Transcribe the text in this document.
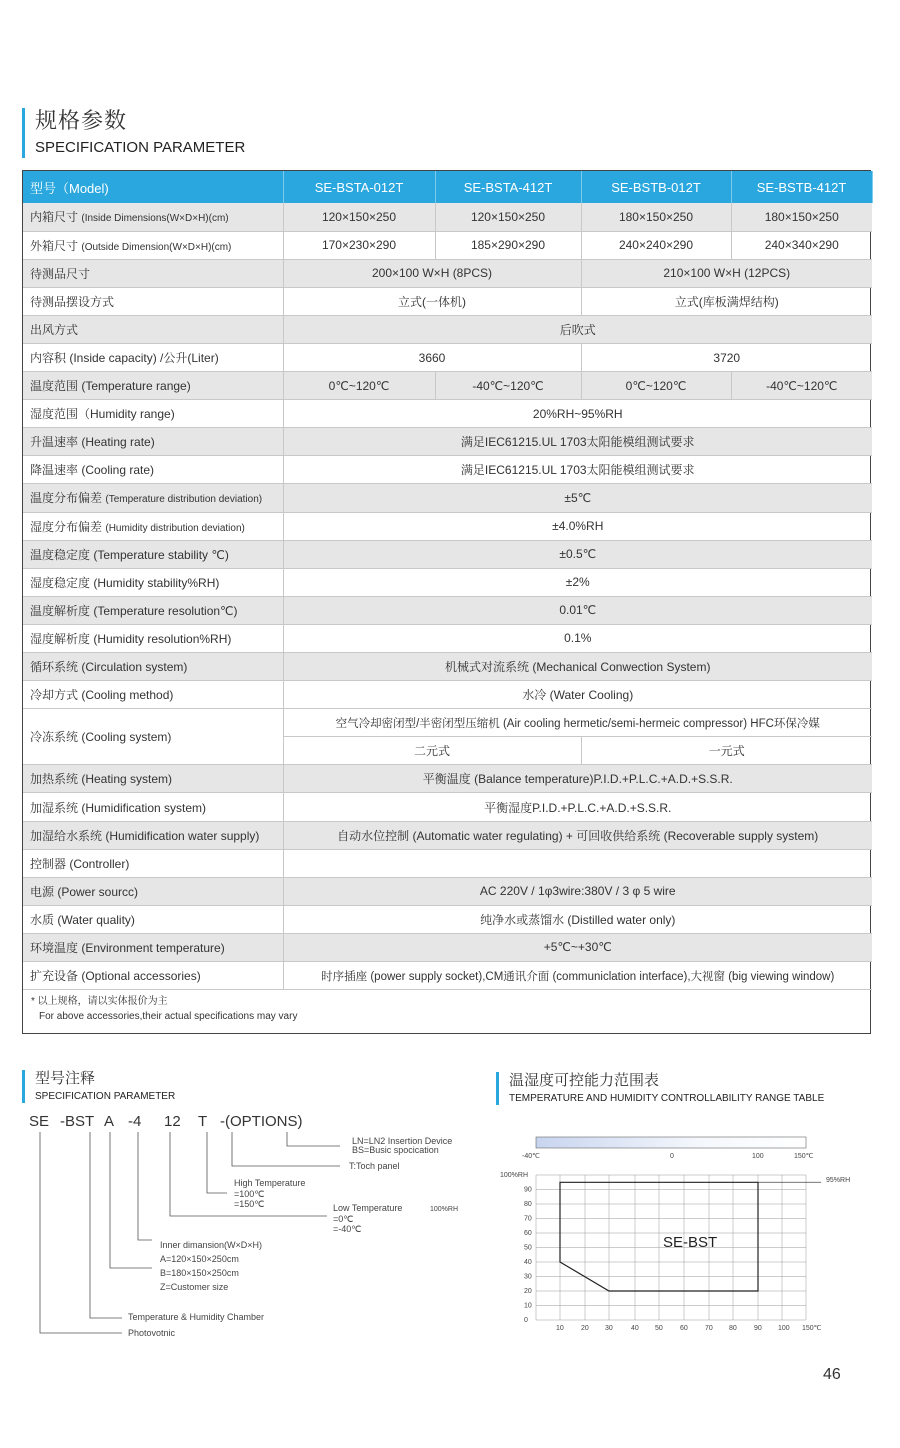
规格参数
SPECIFICATION PARAMETER
型号（Model)	SE-BSTA-012T	SE-BSTA-412T	SE-BSTB-012T	SE-BSTB-412T
内箱尺寸 (Inside Dimensions(W×D×H)(cm)	120×150×250	120×150×250	180×150×250	180×150×250
外箱尺寸 (Outside Dimension(W×D×H)(cm)	170×230×290	185×290×290	240×240×290	240×340×290
待测品尺寸	200×100 W×H (8PCS)		210×100 W×H (12PCS)	
待测品摆设方式	立式(一体机)		立式(库板满焊结构)	
出风方式	后吹式			
内容积 (Inside capacity) /公升(Liter)	3660		3720	
温度范围 (Temperature range)	0℃~120℃	-40℃~120℃	0℃~120℃	-40℃~120℃
湿度范围（Humidity range)	20%RH~95%RH			
升温速率 (Heating rate)	满足IEC61215.UL 1703太阳能模组测试要求			
降温速率 (Cooling rate)	满足IEC61215.UL 1703太阳能模组测试要求			
温度分布偏差 (Temperature distribution deviation)	±5℃			
湿度分布偏差 (Humidity distribution deviation)	±4.0%RH			
温度稳定度 (Temperature stability ℃)	±0.5℃			
湿度稳定度 (Humidity stability%RH)	±2%			
温度解析度 (Temperature resolution℃)	0.01℃			
湿度解析度 (Humidity resolution%RH)	0.1%			
循环系统 (Circulation system)	机械式对流系统 (Mechanical Conwection System)			
冷却方式 (Cooling method)	水冷 (Water Cooling)			
冷冻系统 (Cooling system)	空气冷却密闭型/半密闭型压缩机 (Air cooling hermetic/semi-hermeic compressor) HFC环保冷媒			
	二元式		一元式	
加热系统 (Heating system)	平衡温度 (Balance temperature)P.I.D.+P.L.C.+A.D.+S.S.R.			
加湿系统 (Humidification system)	平衡湿度P.I.D.+P.L.C.+A.D.+S.S.R.			
加湿给水系统 (Humidification water supply)	自动水位控制 (Automatic water regulating) + 可回收供给系统 (Recoverable supply system)			
控制器 (Controller)				
电源 (Power sourcc)	AC 220V / 1φ3wire:380V / 3 φ 5 wire			
水质 (Water quality)	纯净水或蒸馏水 (Distilled water only)			
环境温度 (Environment temperature)	+5℃~+30℃			
扩充设备 (Optional accessories)	时序插座 (power supply socket),CM通讯介面 (communiclation interface),大视窗 (big viewing window)			
* 以上规格，请以实体报价为主
For above accessories,their actual specifications may vary
型号注释
SPECIFICATION PARAMETER
SE -BST A -4 12 T -(OPTIONS)
LN=LN2 Insertion Device
BS=Busic spocication
T:Toch panel
High Temperature
=100℃
=150℃	Low Temperature
=0℃
=-40℃
100%RH
Inner dimansion(W×D×H)
A=120×150×250cm
B=180×150×250cm
Z=Customer size
Temperature & Humidity Chamber
Photovotnic
温湿度可控能力范围表
TEMPERATURE AND HUMIDITY CONTROLLABILITY RANGE TABLE
-40℃	0	100	150℃
100%RH
90
80
70
60
50
40
30
20
10
0
10 20 30	40 50 60 70 80 90 100 150℃
SE-BST
95%RH
46
